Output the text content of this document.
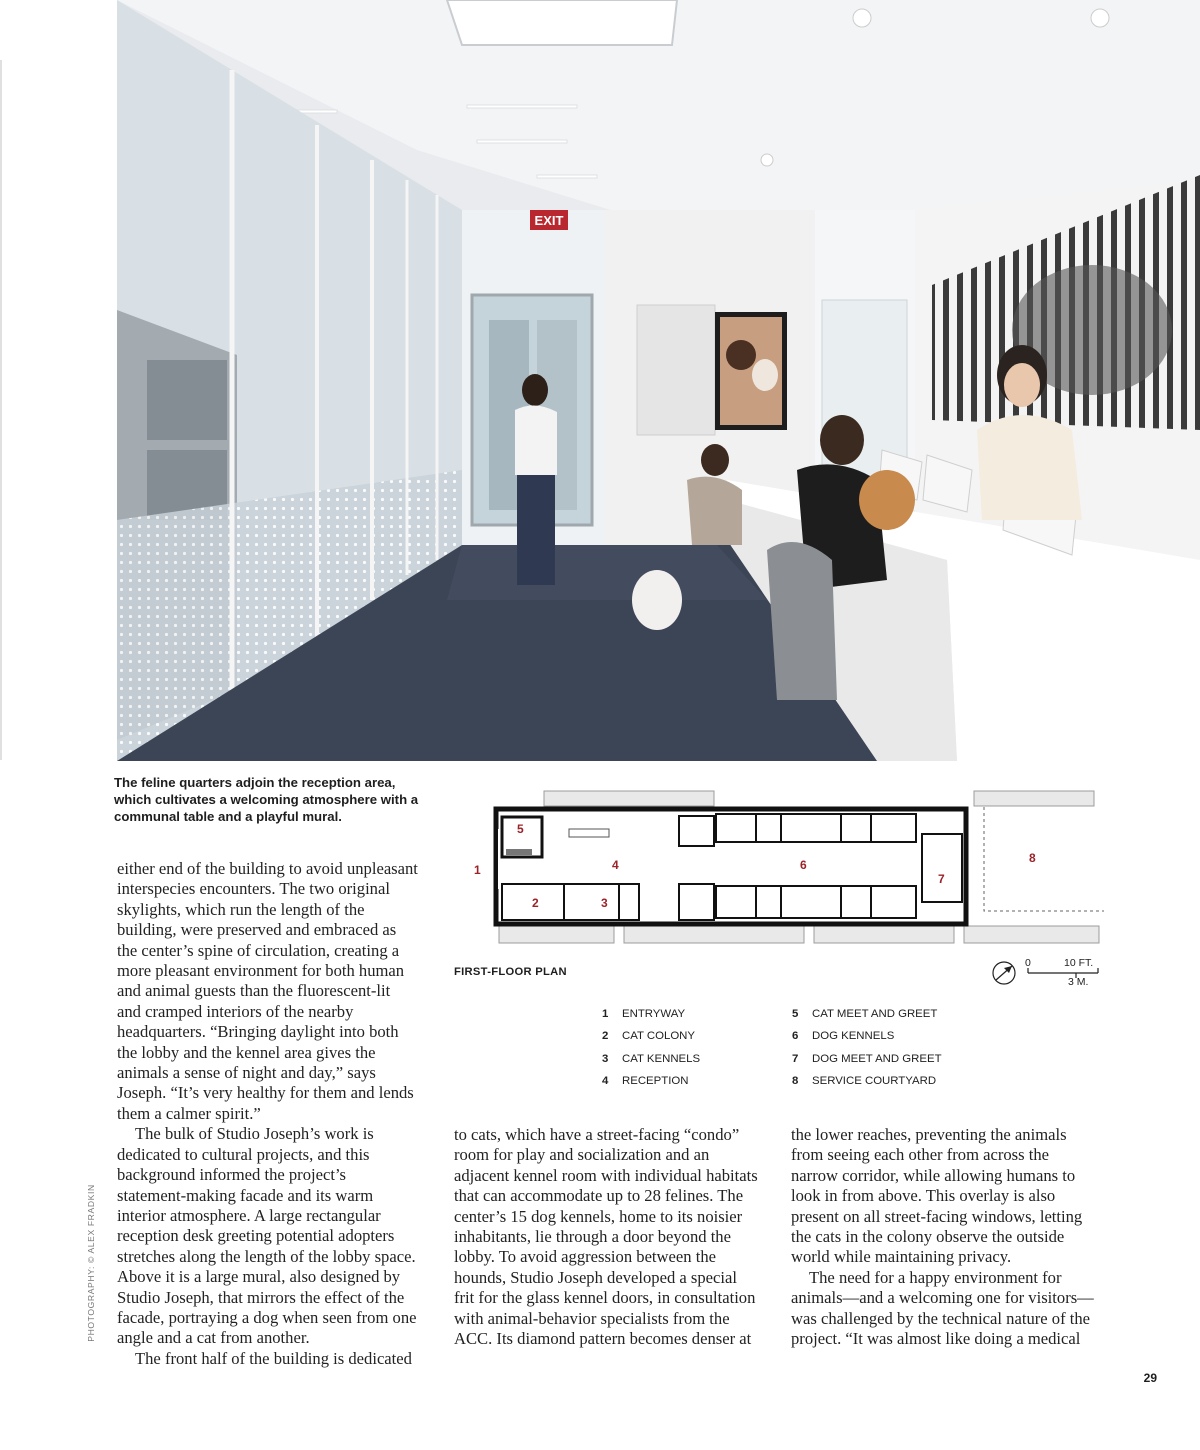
EXIT

The feline quarters adjoin the reception area, which cultivates a welcoming atmosphere with a communal table and a playful mural.

1
2	3
4
5
6
7
8
FIRST-FLOOR PLAN
0	10 FT.
3 M.
1	ENTRYWAY
2	CAT COLONY
3	CAT KENNELS
4	RECEPTION
5	CAT MEET AND GREET
6	DOG KENNELS
7	DOG MEET AND GREET
8	SERVICE COURTYARD

either end of the building to avoid unpleasant interspecies encounters. The two original skylights, which run the length of the building, were preserved and embraced as the center’s spine of circulation, creating a more pleasant environment for both human and animal guests than the fluorescent-lit and cramped interiors of the nearby headquarters. “Bringing daylight into both the lobby and the kennel area gives the animals a sense of night and day,” says Joseph. “It’s very healthy for them and lends them a calmer spirit.”

The bulk of Studio Joseph’s work is dedicated to cultural projects, and this background informed the project’s statement-making facade and its warm interior atmosphere. A large rectangular reception desk greeting potential adopters stretches along the length of the lobby space. Above it is a large mural, also designed by Studio Joseph, that mirrors the effect of the facade, portraying a dog when seen from one angle and a cat from another.

The front half of the building is dedicated

to cats, which have a street-facing “condo” room for play and socialization and an adjacent kennel room with individual habitats that can accommodate up to 28 felines. The center’s 15 dog kennels, home to its noisier inhabitants, lie through a door beyond the lobby. To avoid aggression between the hounds, Studio Joseph developed a special frit for the glass kennel doors, in consultation with animal-behavior specialists from the ACC. Its diamond pattern becomes denser at

the lower reaches, preventing the animals from seeing each other from across the narrow corridor, while allowing humans to look in from above. This overlay is also present on all street-facing windows, letting the cats in the colony observe the outside world while maintaining privacy.

The need for a happy environment for animals—and a welcoming one for visitors—was challenged by the technical nature of the project. “It was almost like doing a medical

PHOTOGRAPHY: © ALEX FRADKIN
29
